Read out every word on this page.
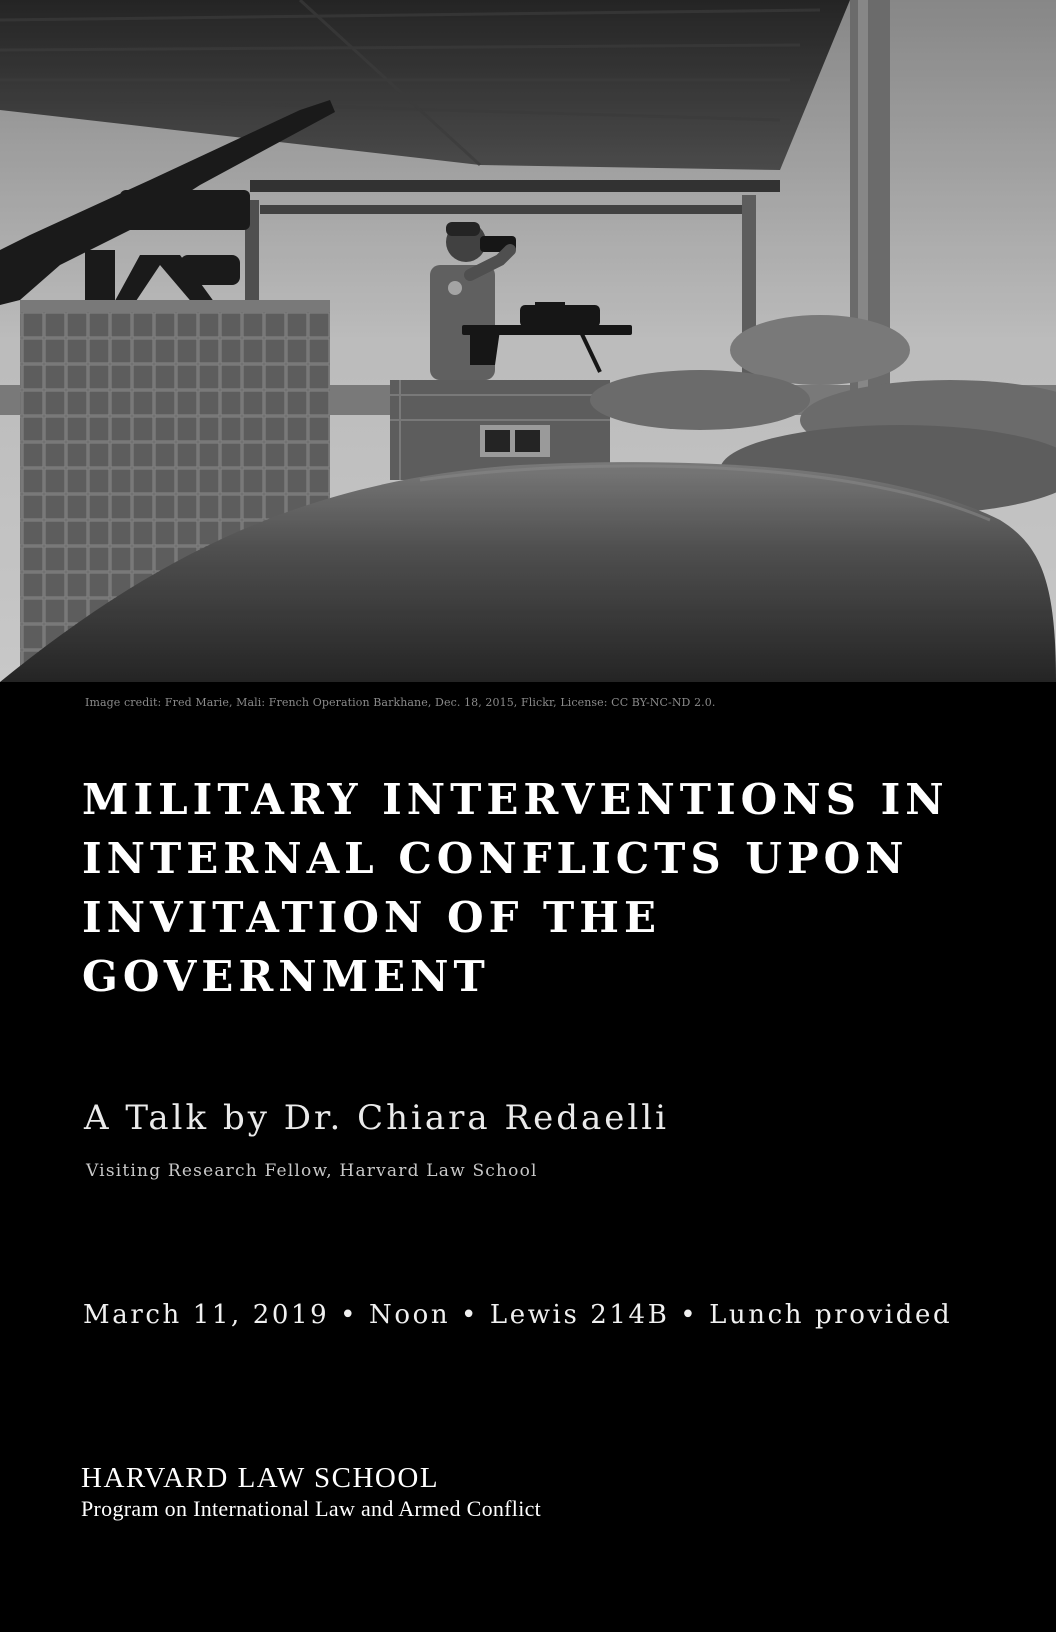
Image credit: Fred Marie, Mali: French Operation Barkhane, Dec. 18, 2015, Flickr, License: CC BY-NC-ND 2.0.
MILITARY INTERVENTIONS IN
INTERNAL CONFLICTS UPON
INVITATION OF THE
GOVERNMENT
A Talk by Dr. Chiara Redaelli
Visiting Research Fellow, Harvard Law School
March 11, 2019 • Noon • Lewis 214B • Lunch provided
HARVARD LAW SCHOOL
Program on International Law and Armed Conflict
